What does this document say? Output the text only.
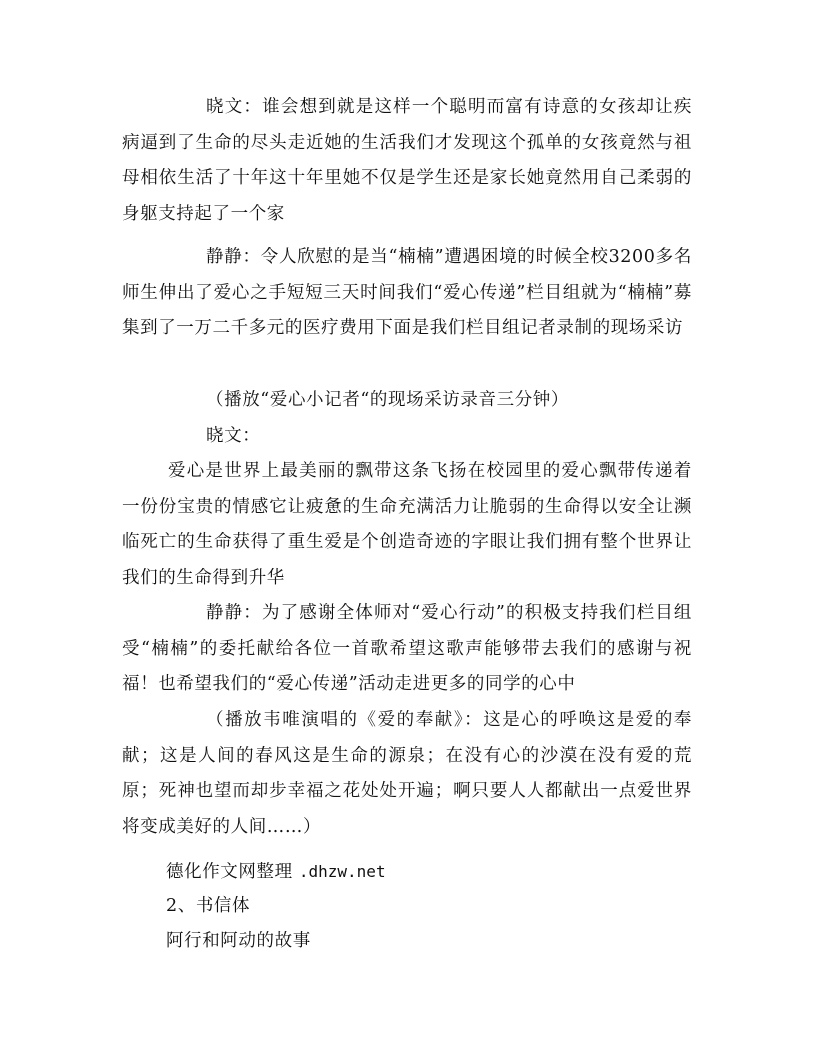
晓文：谁会想到就是这样一个聪明而富有诗意的女孩却让疾病逼到了生命的尽头走近她的生活我们才发现这个孤单的女孩竟然与祖母相依生活了十年这十年里她不仅是学生还是家长她竟然用自己柔弱的身躯支持起了一个家

静静：令人欣慰的是当“楠楠”遭遇困境的时候全校3200多名师生伸出了爱心之手短短三天时间我们“爱心传递”栏目组就为“楠楠”募集到了一万二千多元的医疗费用下面是我们栏目组记者录制的现场采访

（播放“爱心小记者“的现场采访录音三分钟）

晓文：

爱心是世界上最美丽的飘带这条飞扬在校园里的爱心飘带传递着一份份宝贵的情感它让疲惫的生命充满活力让脆弱的生命得以安全让濒临死亡的生命获得了重生爱是个创造奇迹的字眼让我们拥有整个世界让我们的生命得到升华

静静：为了感谢全体师对“爱心行动”的积极支持我们栏目组受“楠楠”的委托献给各位一首歌希望这歌声能够带去我们的感谢与祝福！也希望我们的“爱心传递”活动走进更多的同学的心中

（播放韦唯演唱的《爱的奉献》：这是心的呼唤这是爱的奉献；这是人间的春风这是生命的源泉；在没有心的沙漠在没有爱的荒原；死神也望而却步幸福之花处处开遍；啊只要人人都献出一点爱世界将变成美好的人间……）

德化作文网整理 .dhzw.net

2、书信体

阿行和阿动的故事
